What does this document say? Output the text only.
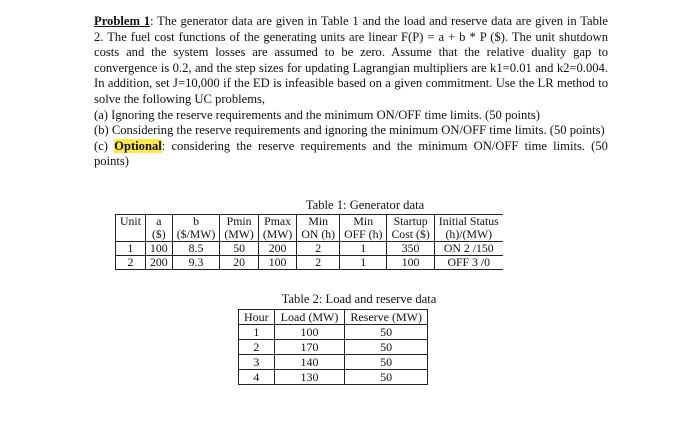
Problem 1: The generator data are given in Table 1 and the load and reserve data are given in Table 2. The fuel cost functions of the generating units are linear F(P) = a + b * P ($). The unit shutdown costs and the system losses are assumed to be zero. Assume that the relative duality gap to convergence is 0.2, and the step sizes for updating Lagrangian multipliers are k1=0.01 and k2=0.004. In addition, set J=10,000 if the ED is infeasible based on a given commitment. Use the LR method to solve the following UC problems,

(a) Ignoring the reserve requirements and the minimum ON/OFF time limits. (50 points)

(b) Considering the reserve requirements and ignoring the minimum ON/OFF time limits. (50 points)

(c) Optional: considering the reserve requirements and the minimum ON/OFF time limits. (50 points)

Table 1: Generator data
Unit	a	b	Pmin	Pmax	Min	Min	Startup	Initial Status
	($)	($/MW)	(MW)	(MW)	ON (h)	OFF (h)	Cost ($)	(h)/(MW)
1	100	8.5	50	200	2	1	350	ON 2 /150
2	200	9.3	20	100	2	1	100	OFF 3 /0
Table 2: Load and reserve data
Hour	Load (MW)	Reserve (MW)
1	100	50
2	170	50
3	140	50
4	130	50
